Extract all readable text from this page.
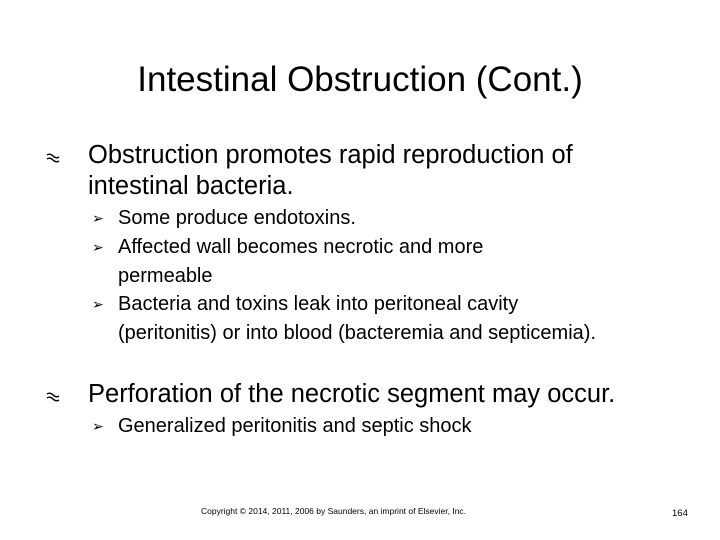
Intestinal Obstruction (Cont.)
Obstruction promotes rapid reproduction of intestinal bacteria.
➢ Some produce endotoxins.
➢ Affected wall becomes necrotic and more permeable
➢ Bacteria and toxins leak into peritoneal cavity (peritonitis) or into blood (bacteremia and septicemia).
Perforation of the necrotic segment may occur.
➢ Generalized peritonitis and septic shock
Copyright © 2014, 2011, 2006 by Saunders, an imprint of Elsevier, Inc.	164
